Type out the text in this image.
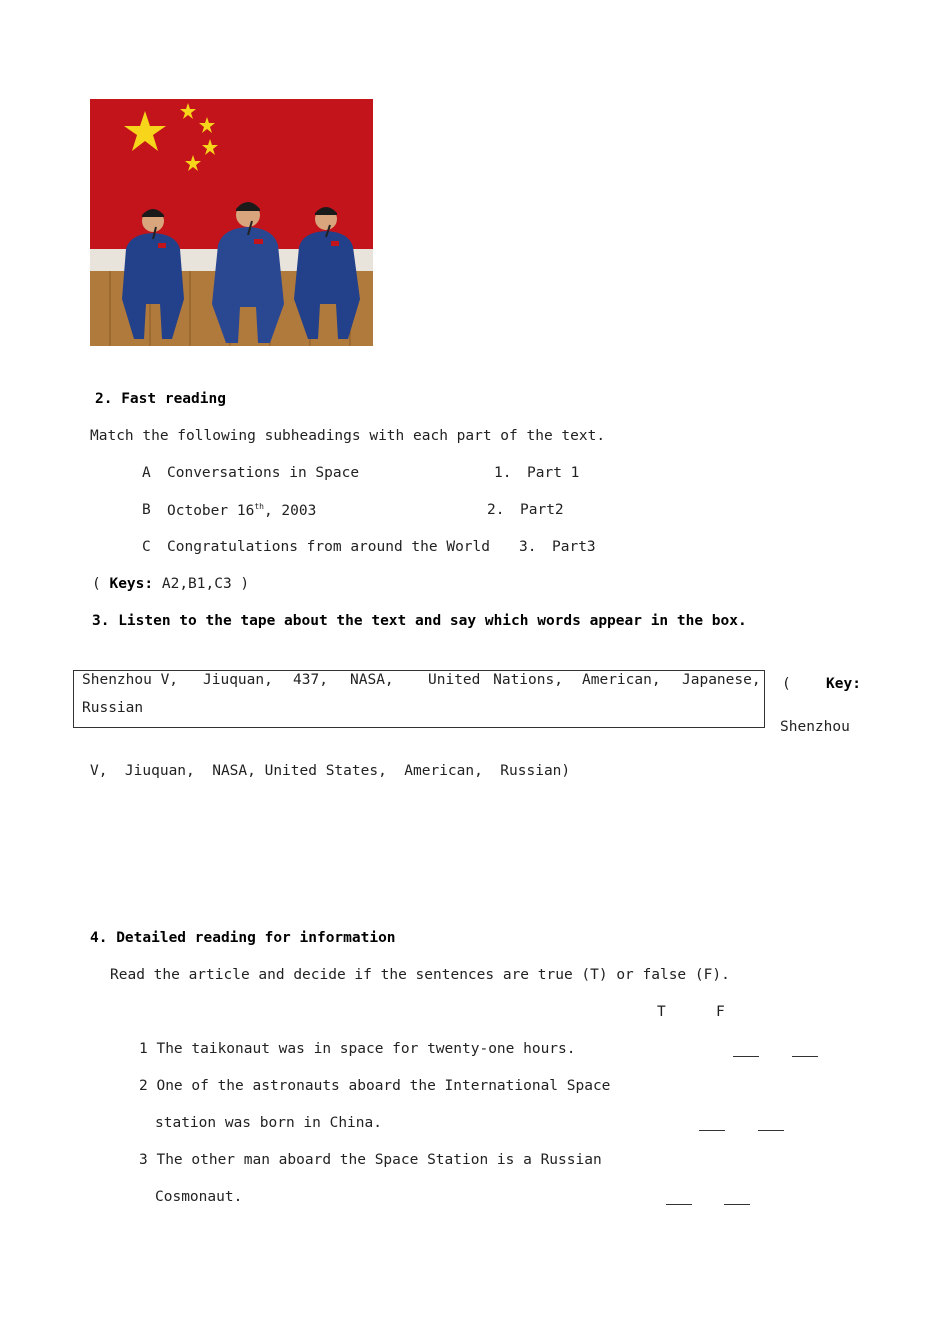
2. Fast reading
Match the following subheadings with each part of the text.
A Conversations in Space	1. Part 1
B October 16th, 2003	2. Part2
C Congratulations from around the World 3. Part3
( Keys: A2,B1,C3 )
3. Listen to the tape about the text and say which words appear in the box.
Shenzhou V, Jiuquan, 437, NASA, United Nations, American, Japanese,
Russian
( Key:
Shenzhou
V,  Jiuquan,  NASA, United States,  American,  Russian)
4. Detailed reading for information
Read the article and decide if the sentences are true (T) or false (F).
T	F
1 The taikonaut was in space for twenty-one hours.
2 One of the astronauts aboard the International Space
station was born in China.
3 The other man aboard the Space Station is a Russian
Cosmonaut.
